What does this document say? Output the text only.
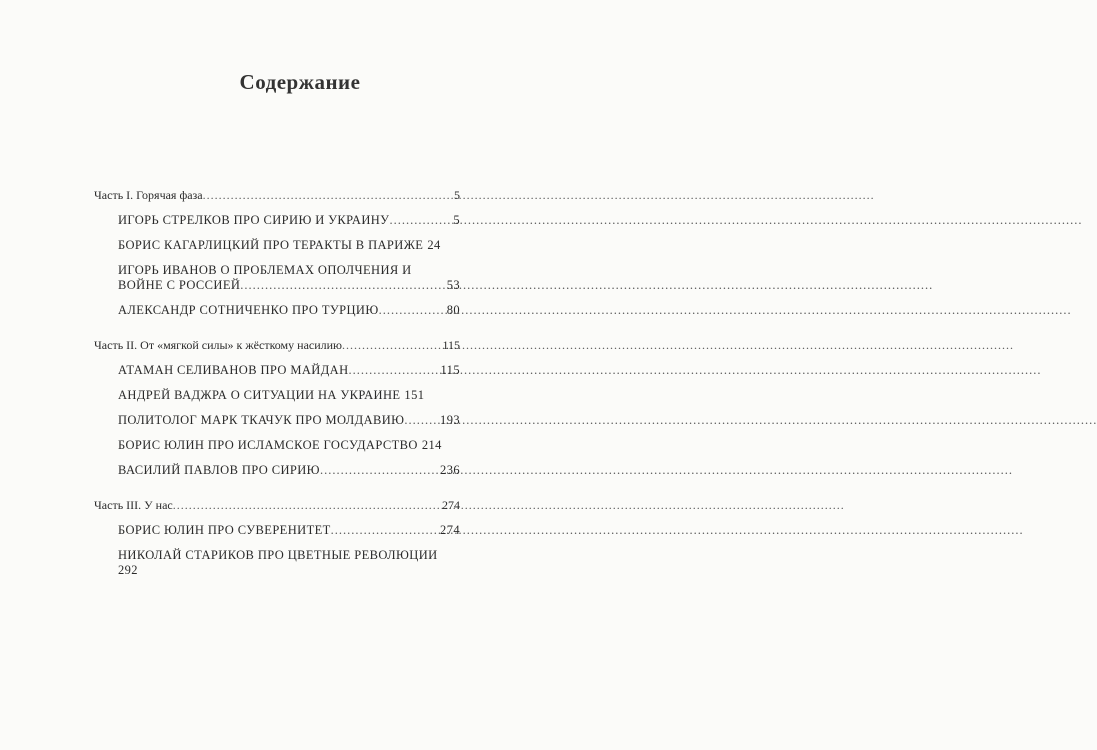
Содержание
Часть I. Горячая фаза .....	5
ИГОРЬ СТРЕЛКОВ ПРО СИРИЮ И УКРАИНУ .....	5
БОРИС КАГАРЛИЦКИЙ ПРО ТЕРАКТЫ В ПАРИЖЕ 24
ИГОРЬ ИВАНОВ О ПРОБЛЕМАХ ОПОЛЧЕНИЯ И
ВОЙНЕ С РОССИЕЙ .....	53
АЛЕКСАНДР СОТНИЧЕНКО ПРО ТУРЦИЮ .....	80
Часть II. От «мягкой силы» к жёсткому насилию .....	115
АТАМАН СЕЛИВАНОВ ПРО МАЙДАН .....	115
АНДРЕЙ ВАДЖРА О СИТУАЦИИ НА УКРАИНЕ 151
ПОЛИТОЛОГ МАРК ТКАЧУК ПРО МОЛДАВИЮ .....	193
БОРИС ЮЛИН ПРО ИСЛАМСКОЕ ГОСУДАРСТВО 214
ВАСИЛИЙ ПАВЛОВ ПРО СИРИЮ .....	236
Часть III. У нас .....	274
БОРИС ЮЛИН ПРО СУВЕРЕНИТЕТ .....	274
НИКОЛАЙ СТАРИКОВ ПРО ЦВЕТНЫЕ РЕВОЛЮЦИИ
292
